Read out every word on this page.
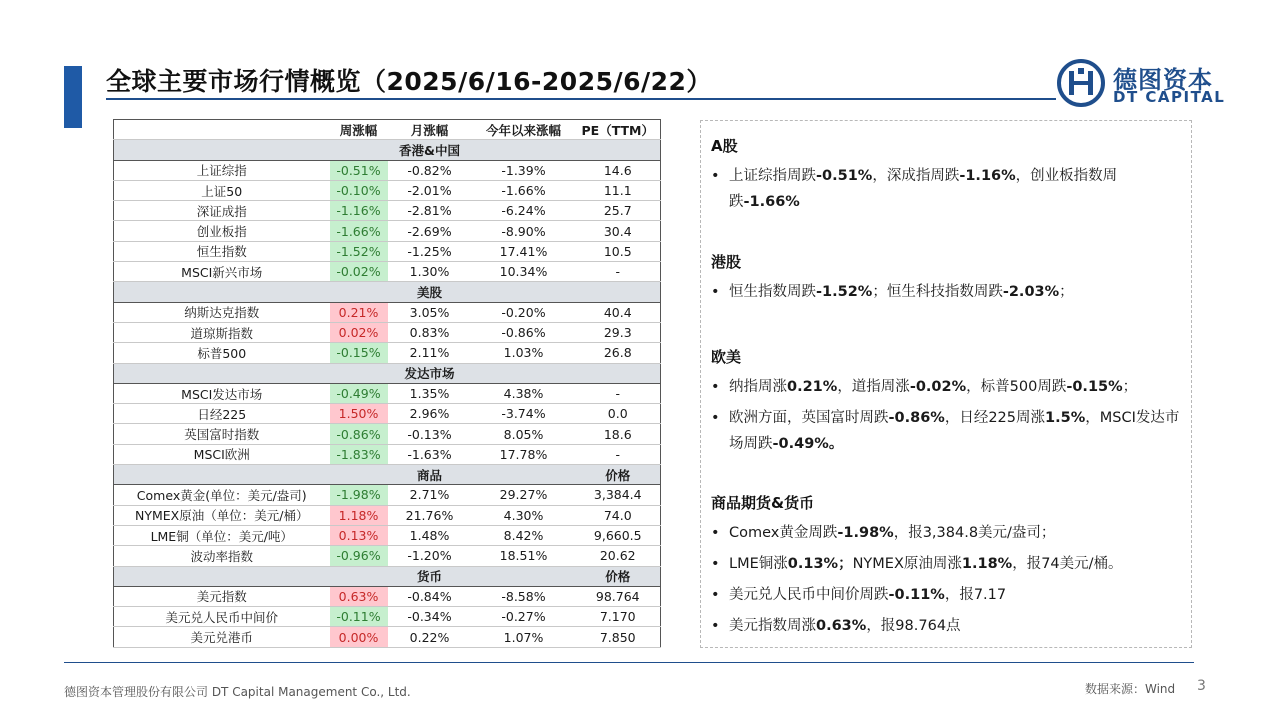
全球主要市场行情概览（2025/6/16-2025/6/22）	德图资本
DT CAPITAL
	周涨幅	月涨幅	今年以来涨幅	PE（TTM）
		香港&中国		
上证综指	-0.51%	-0.82%	-1.39%	14.6
上证50	-0.10%	-2.01%	-1.66%	11.1
深证成指	-1.16%	-2.81%	-6.24%	25.7
创业板指	-1.66%	-2.69%	-8.90%	30.4
恒生指数	-1.52%	-1.25%	17.41%	10.5
MSCI新兴市场	-0.02%	1.30%	10.34%	-
		美股		
纳斯达克指数	0.21%	3.05%	-0.20%	40.4
道琼斯指数	0.02%	0.83%	-0.86%	29.3
标普500	-0.15%	2.11%	1.03%	26.8
		发达市场		
MSCI发达市场	-0.49%	1.35%	4.38%	-
日经225	1.50%	2.96%	-3.74%	0.0
英国富时指数	-0.86%	-0.13%	8.05%	18.6
MSCI欧洲	-1.83%	-1.63%	17.78%	-
		商品		价格
Comex黄金(单位：美元/盎司)	-1.98%	2.71%	29.27%	3,384.4
NYMEX原油（单位：美元/桶）	1.18%	21.76%	4.30%	74.0
LME铜（单位：美元/吨）	0.13%	1.48%	8.42%	9,660.5
波动率指数	-0.96%	-1.20%	18.51%	20.62
		货币		价格
美元指数	0.63%	-0.84%	-8.58%	98.764
美元兑人民币中间价	-0.11%	-0.34%	-0.27%	7.170
美元兑港币	0.00%	0.22%	1.07%	7.850
A股
• 上证综指周跌-0.51%，深成指周跌-1.16%，创业板指数周跌-1.66%
港股
• 恒生指数周跌-1.52%；恒生科技指数周跌-2.03%；
欧美
• 纳指周涨0.21%，道指周涨-0.02%，标普500周跌-0.15%；
• 欧洲方面，英国富时周跌-0.86%，日经225周涨1.5%，MSCI发达市场周跌-0.49%。
商品期货&货币
• Comex黄金周跌-1.98%，报3,384.8美元/盎司；
• LME铜涨0.13%；NYMEX原油周涨1.18%，报74美元/桶。
• 美元兑人民币中间价周跌-0.11%，报7.17
• 美元指数周涨0.63%，报98.764点
德图资本管理股份有限公司 DT Capital Management Co., Ltd.	数据来源：Wind 3
